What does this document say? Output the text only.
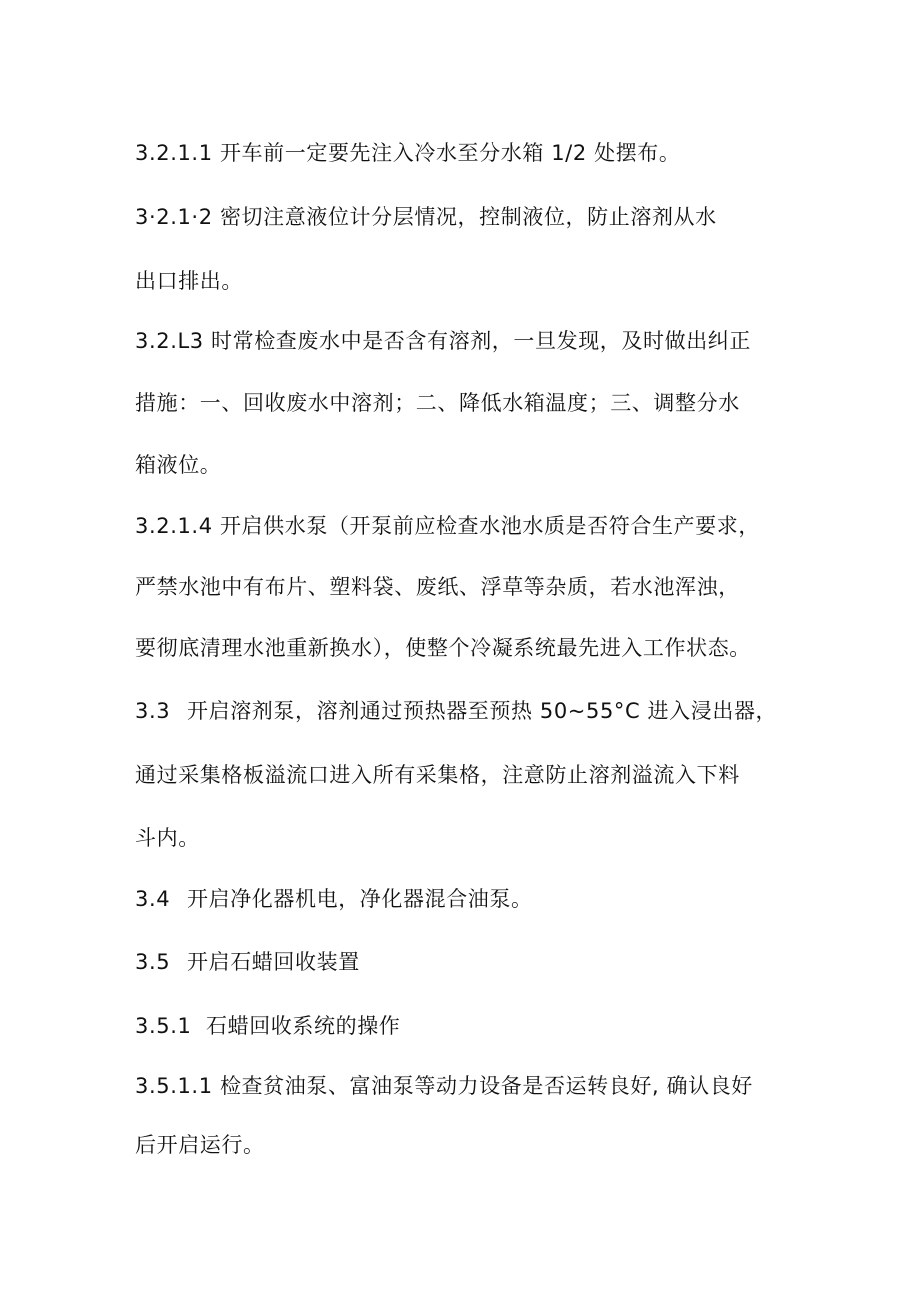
3.2.1.1 开车前一定要先注入冷水至分水箱 1/2 处摆布。
3·2.1·2 密切注意液位计分层情况，控制液位，防止溶剂从水
出口排出。
3.2.L3 时常检查废水中是否含有溶剂，一旦发现，及时做出纠正
措施：一、回收废水中溶剂；二、降低水箱温度；三、调整分水
箱液位。
3.2.1.4 开启供水泵（开泵前应检查水池水质是否符合生产要求，
严禁水池中有布片、塑料袋、废纸、浮草等杂质，若水池浑浊，
要彻底清理水池重新换水），使整个冷凝系统最先进入工作状态。
3.3 开启溶剂泵，溶剂通过预热器至预热 50~55°C 进入浸出器，
通过采集格板溢流口进入所有采集格，注意防止溶剂溢流入下料
斗内。
3.4 开启净化器机电，净化器混合油泵。
3.5 开启石蜡回收装置
3.5.1 石蜡回收系统的操作
3.5.1.1 检查贫油泵、富油泵等动力设备是否运转良好, 确认良好
后开启运行。
